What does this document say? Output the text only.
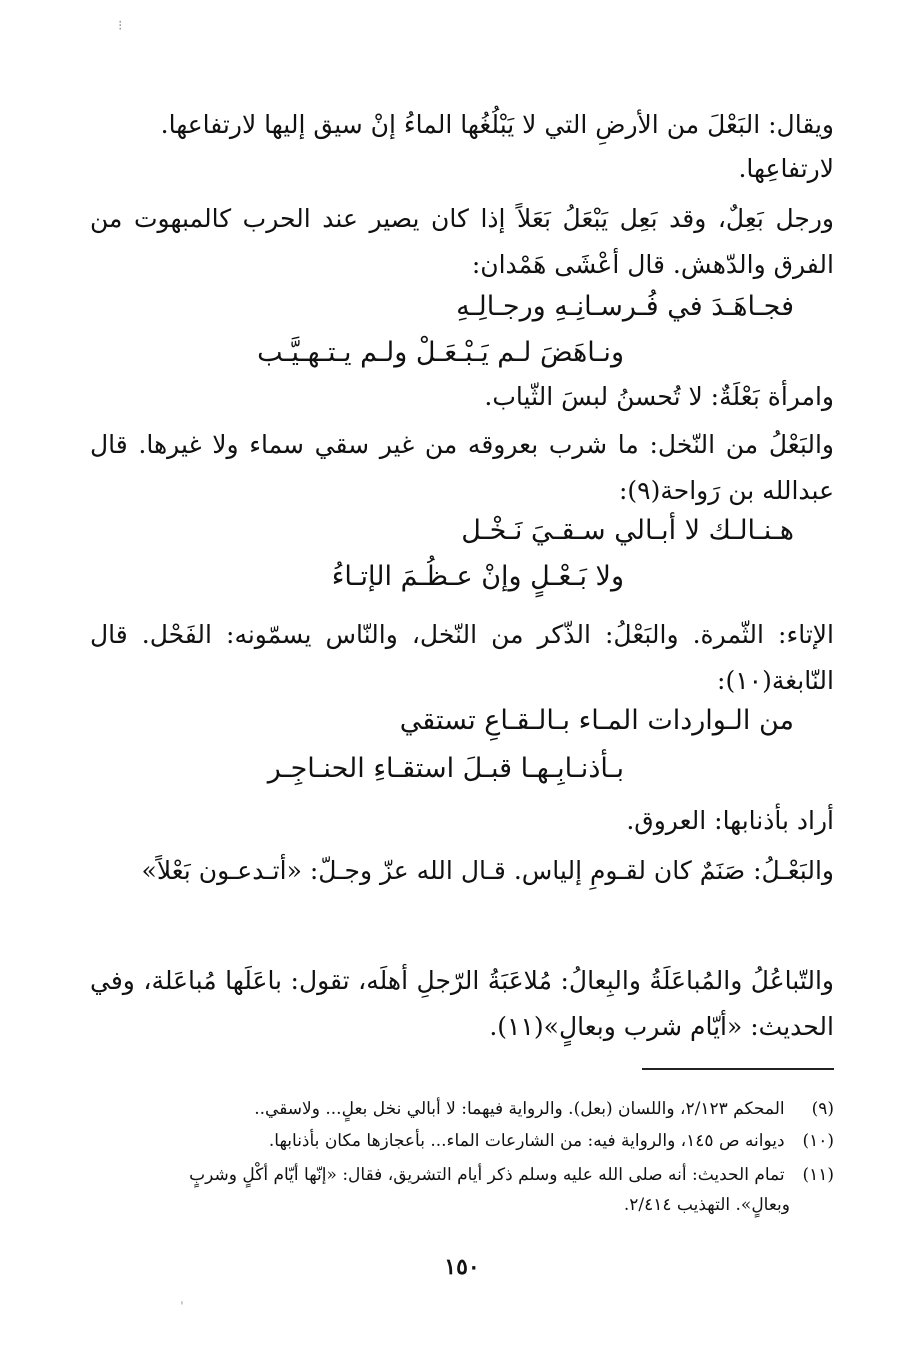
⁝
ويقال: البَعْلَ من الأرضِ التي لا يَبْلُغُها الماءُ إنْ سيق إليها لارتفاعها.
لارتفاعِها.
ورجل بَعِلٌ، وقد بَعِل يَبْعَلُ بَعَلاً إذا كان يصير عند الحرب كالمبهوت من الفرق والدّهش. قال أعْشَى هَمْدان:
فجـاهَـدَ في فُـرسـانِـهِ ورجـالِـهِ
ونـاهَضَ لـم يَـبْـعَـلْ ولـم يـتـهـيَّـب
وامرأة بَعْلَةٌ: لا تُحسنُ لبسَ الثّياب.
والبَعْلُ من النّخل: ما شرب بعروقه من غير سقي سماء ولا غيرها. قال عبدالله بن رَواحة(٩):
هـنـالـك لا أبـالي سـقـيَ نَـخْـل
ولا بَـعْـلٍ وإنْ عـظُـمَ الإتـاءُ
الإتاء: الثّمرة. والبَعْلُ: الذّكر من النّخل، والنّاس يسمّونه: الفَحْل. قال النّابغة(١٠):
من الـواردات المـاء بـالـقـاعِ تستقي
بـأذنـابِـهـا قبـلَ استقـاءِ الحنـاجِـر
أراد بأذنابها: العروق.
والبَعْـلُ: صَنَمٌ كان لقـومِ إلياس. قـال الله عزّ وجـلّ: «أتـدعـون بَعْلاً»
والتّباعُلُ والمُباعَلَةُ والبِعالُ: مُلاعَبَةُ الرّجلِ أهلَه، تقول: باعَلَها مُباعَلة، وفي الحديث: «أيّام شرب وبعالٍ»(١١).
(٩) المحكم ٢/١٢٣، واللسان (بعل). والرواية فيهما: لا أبالي نخل بعلٍ... ولاسقي..
(١٠) ديوانه ص ١٤٥، والرواية فيه: من الشارعات الماء... بأعجازها مكان بأذنابها.
(١١) تمام الحديث: أنه صلى الله عليه وسلم ذكر أيام التشريق، فقال: «إنّها أيّام أكْلٍ وشربٍ
وبعالٍ». التهذيب ٢/٤١٤.
١٥٠
ˈ
